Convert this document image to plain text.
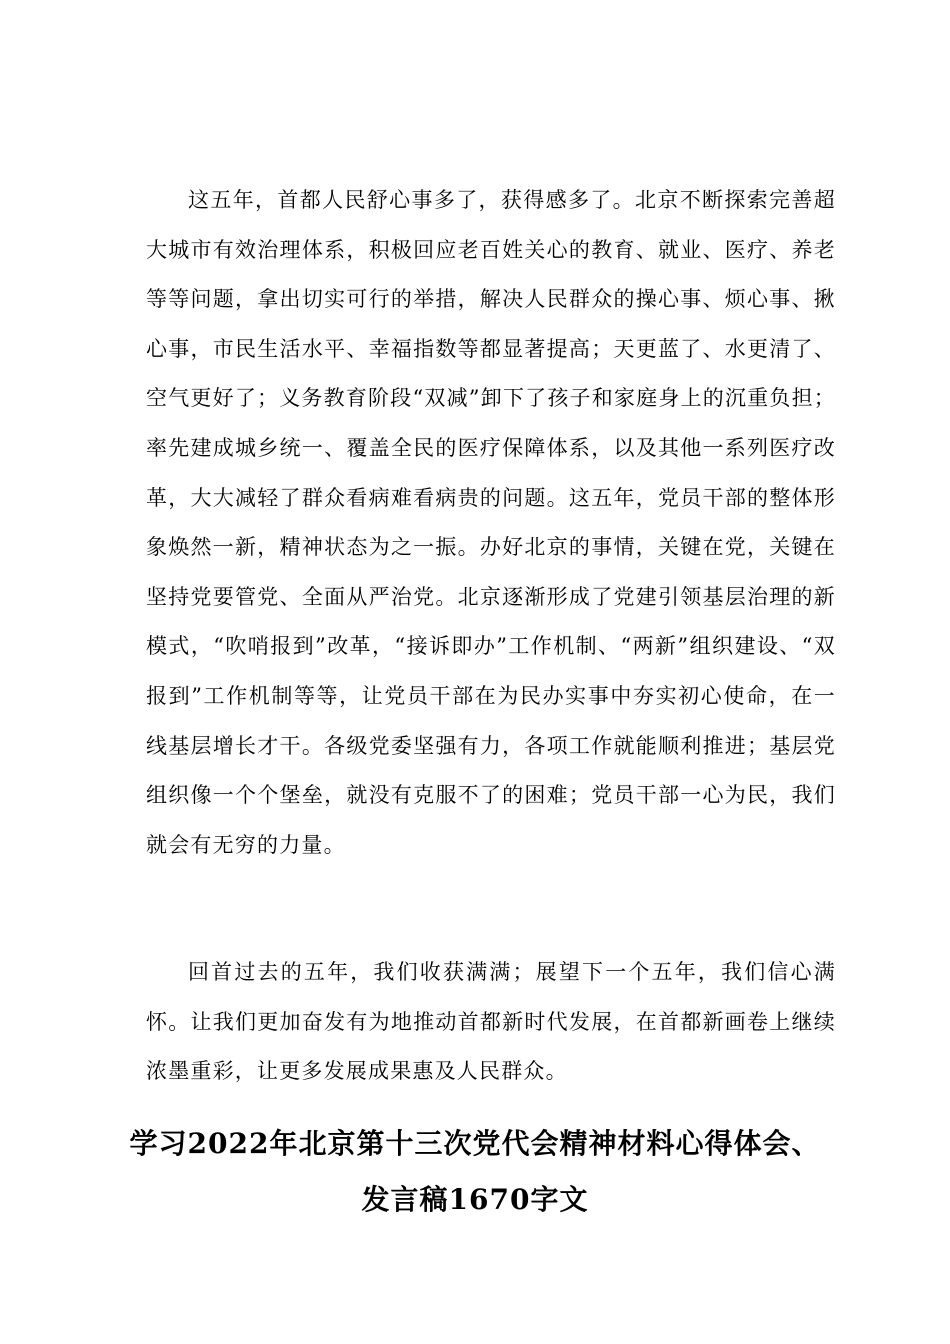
这五年，首都人民舒心事多了，获得感多了。北京不断探索完善超大城市有效治理体系，积极回应老百姓关心的教育、就业、医疗、养老等等问题，拿出切实可行的举措，解决人民群众的操心事、烦心事、揪心事，市民生活水平、幸福指数等都显著提高；天更蓝了、水更清了、空气更好了；义务教育阶段“双减”卸下了孩子和家庭身上的沉重负担；率先建成城乡统一、覆盖全民的医疗保障体系，以及其他一系列医疗改革，大大减轻了群众看病难看病贵的问题。这五年，党员干部的整体形象焕然一新，精神状态为之一振。办好北京的事情，关键在党，关键在坚持党要管党、全面从严治党。北京逐渐形成了党建引领基层治理的新模式，“吹哨报到”改革，“接诉即办”工作机制、“两新”组织建设、“双报到”工作机制等等，让党员干部在为民办实事中夯实初心使命，在一线基层增长才干。各级党委坚强有力，各项工作就能顺利推进；基层党组织像一个个堡垒，就没有克服不了的困难；党员干部一心为民，我们就会有无穷的力量。

回首过去的五年，我们收获满满；展望下一个五年，我们信心满怀。让我们更加奋发有为地推动首都新时代发展，在首都新画卷上继续浓墨重彩，让更多发展成果惠及人民群众。

学习2022年北京第十三次党代会精神材料心得体会、发言稿1670字文
